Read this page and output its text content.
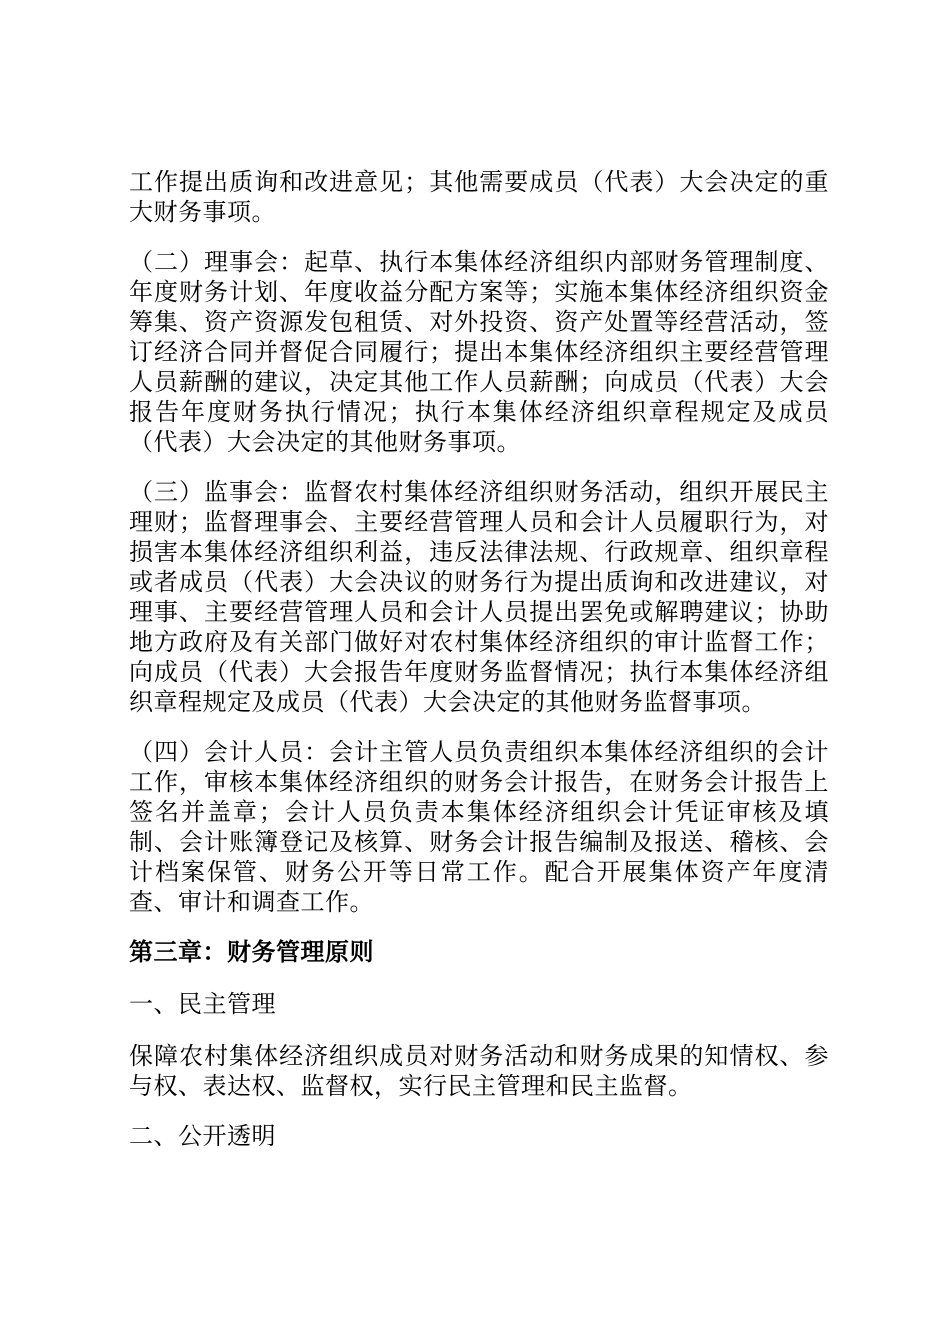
工作提出质询和改进意见；其他需要成员（代表）大会决定的重大财务事项。

（二）理事会：起草、执行本集体经济组织内部财务管理制度、年度财务计划、年度收益分配方案等；实施本集体经济组织资金筹集、资产资源发包租赁、对外投资、资产处置等经营活动，签订经济合同并督促合同履行；提出本集体经济组织主要经营管理人员薪酬的建议，决定其他工作人员薪酬；向成员（代表）大会报告年度财务执行情况；执行本集体经济组织章程规定及成员（代表）大会决定的其他财务事项。

（三）监事会：监督农村集体经济组织财务活动，组织开展民主理财；监督理事会、主要经营管理人员和会计人员履职行为，对损害本集体经济组织利益，违反法律法规、行政规章、组织章程或者成员（代表）大会决议的财务行为提出质询和改进建议，对理事、主要经营管理人员和会计人员提出罢免或解聘建议；协助地方政府及有关部门做好对农村集体经济组织的审计监督工作；向成员（代表）大会报告年度财务监督情况；执行本集体经济组织章程规定及成员（代表）大会决定的其他财务监督事项。

（四）会计人员：会计主管人员负责组织本集体经济组织的会计工作，审核本集体经济组织的财务会计报告，在财务会计报告上签名并盖章；会计人员负责本集体经济组织会计凭证审核及填制、会计账簿登记及核算、财务会计报告编制及报送、稽核、会计档案保管、财务公开等日常工作。配合开展集体资产年度清查、审计和调查工作。

第三章：财务管理原则
一、民主管理

保障农村集体经济组织成员对财务活动和财务成果的知情权、参与权、表达权、监督权，实行民主管理和民主监督。

二、公开透明
